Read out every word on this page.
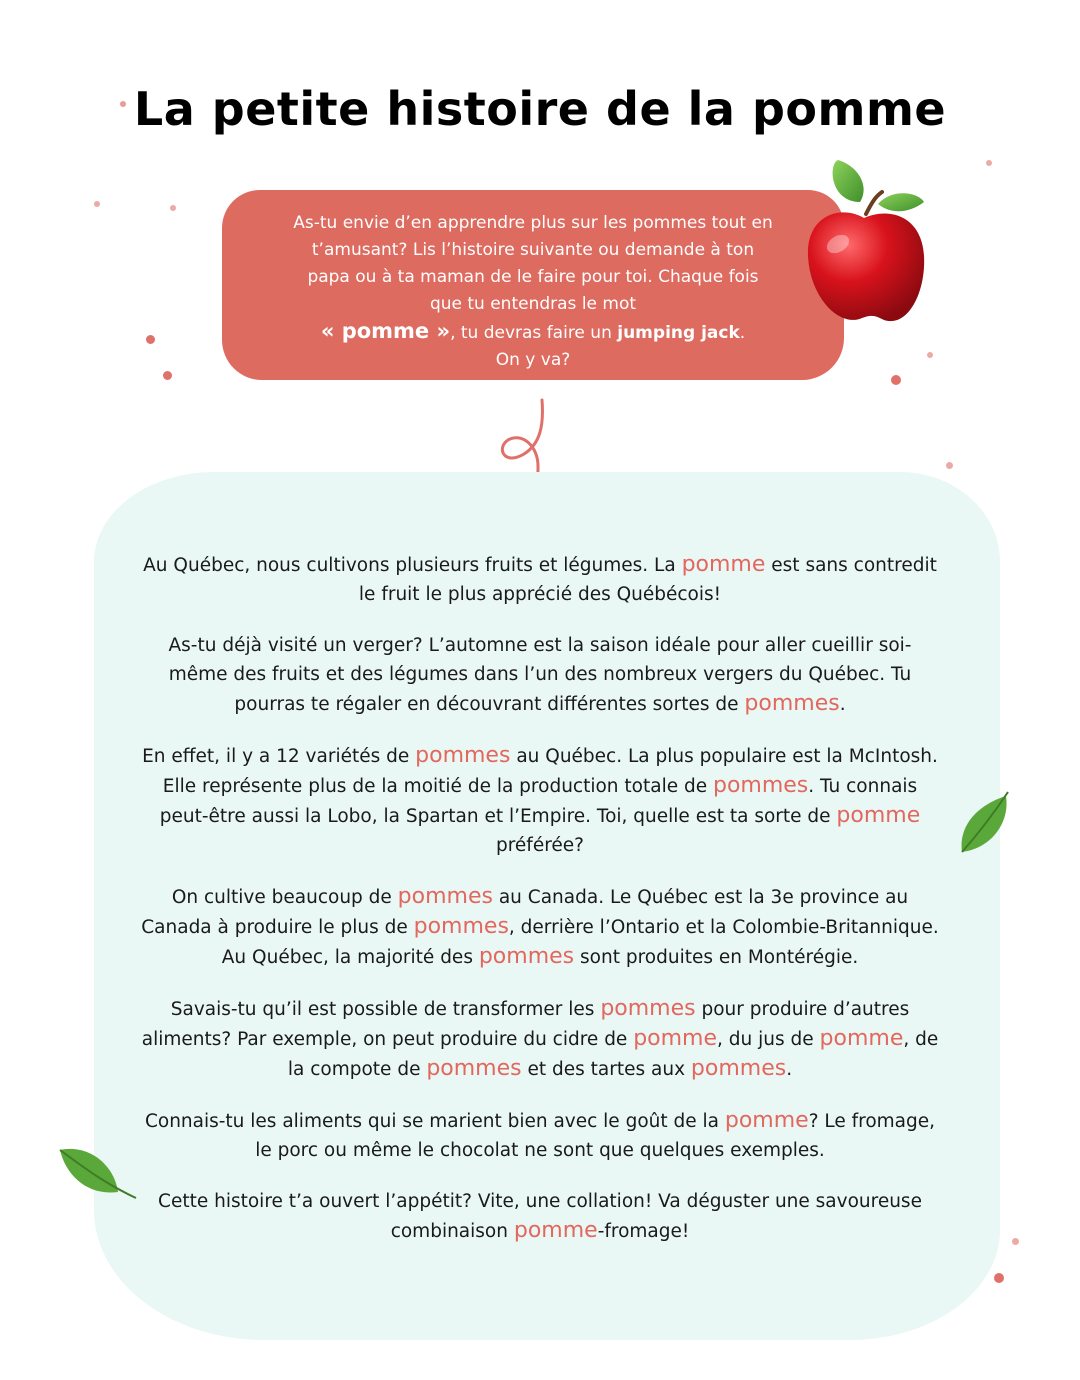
La petite histoire de la pomme
As-tu envie d’en apprendre plus sur les pommes tout en t’amusant? Lis l’histoire suivante ou demande à ton papa ou à ta maman de le faire pour toi. Chaque fois que tu entendras le mot
« pomme », tu devras faire un jumping jack.
On y va?

Au Québec, nous cultivons plusieurs fruits et légumes. La pomme est sans contredit le fruit le plus apprécié des Québécois!

As-tu déjà visité un verger? L’automne est la saison idéale pour aller cueillir soi-même des fruits et des légumes dans l’un des nombreux vergers du Québec. Tu pourras te régaler en découvrant différentes sortes de pommes.

En effet, il y a 12 variétés de pommes au Québec. La plus populaire est la McIntosh. Elle représente plus de la moitié de la production totale de pommes. Tu connais peut-être aussi la Lobo, la Spartan et l’Empire. Toi, quelle est ta sorte de pomme préférée?

On cultive beaucoup de pommes au Canada. Le Québec est la 3e province au Canada à produire le plus de pommes, derrière l’Ontario et la Colombie-Britannique. Au Québec, la majorité des pommes sont produites en Montérégie.

Savais-tu qu’il est possible de transformer les pommes pour produire d’autres aliments? Par exemple, on peut produire du cidre de pomme, du jus de pomme, de la compote de pommes et des tartes aux pommes.

Connais-tu les aliments qui se marient bien avec le goût de la pomme? Le fromage, le porc ou même le chocolat ne sont que quelques exemples.

Cette histoire t’a ouvert l’appétit? Vite, une collation! Va déguster une savoureuse combinaison pomme-fromage!
